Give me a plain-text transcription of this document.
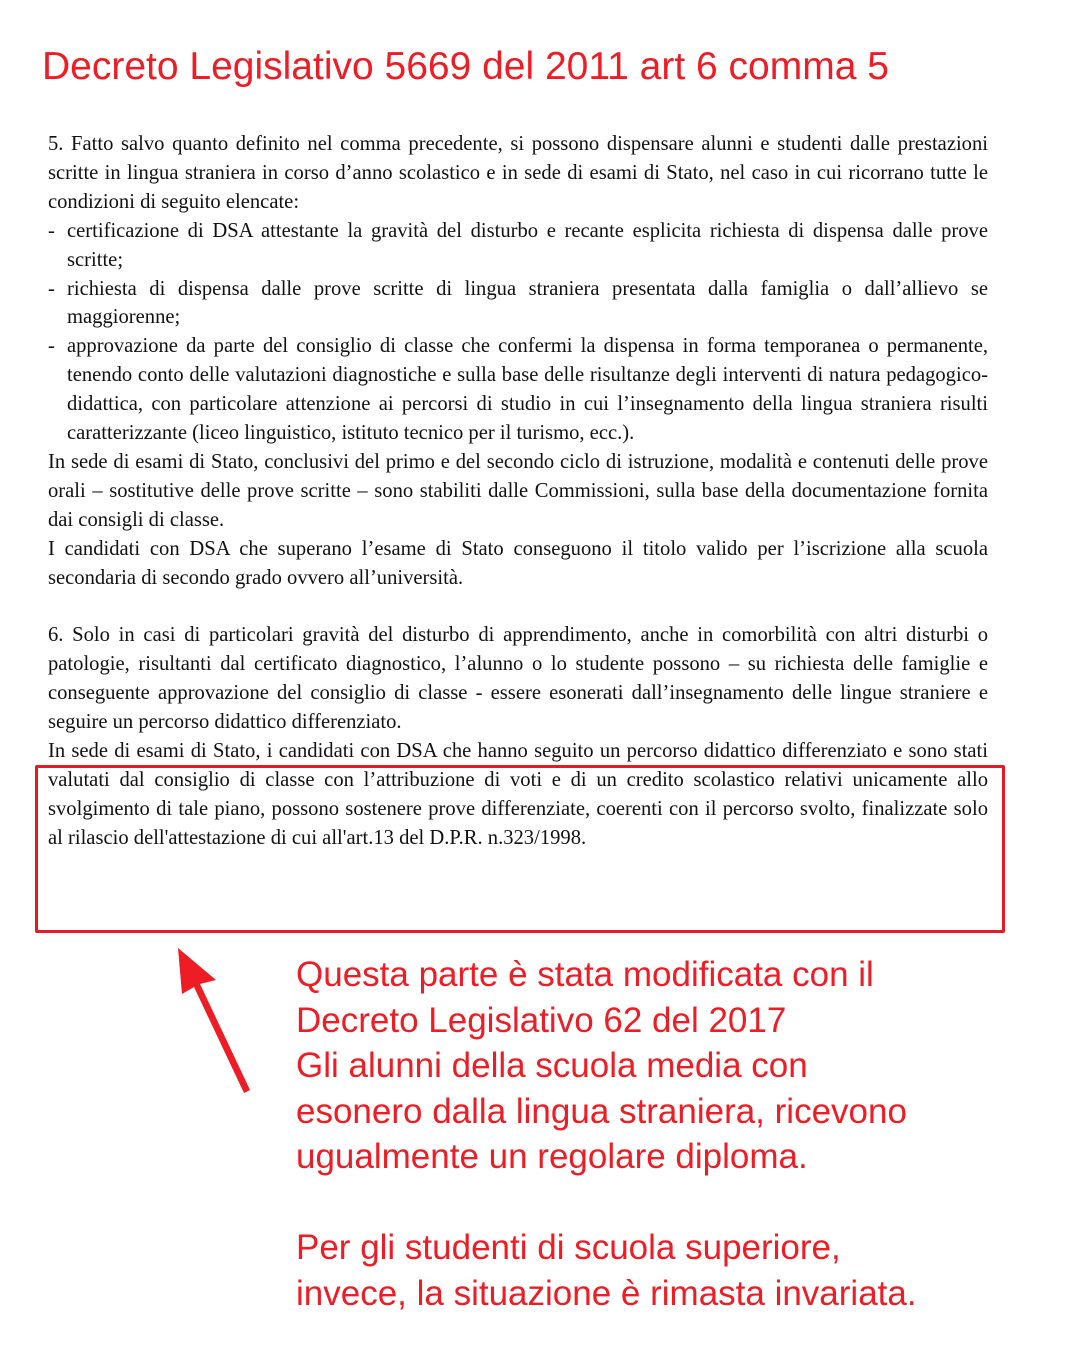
Decreto Legislativo 5669 del 2011 art 6 comma 5

5. Fatto salvo quanto definito nel comma precedente, si possono dispensare alunni e studenti dalle prestazioni scritte in lingua straniera in corso d’anno scolastico e in sede di esami di Stato, nel caso in cui ricorrano tutte le condizioni di seguito elencate:

- certificazione di DSA attestante la gravità del disturbo e recante esplicita richiesta di dispensa dalle prove scritte;

- richiesta di dispensa dalle prove scritte di lingua straniera presentata dalla famiglia o dall’allievo se maggiorenne;

- approvazione da parte del consiglio di classe che confermi la dispensa in forma temporanea o permanente, tenendo conto delle valutazioni diagnostiche e sulla base delle risultanze degli interventi di natura pedagogico-didattica, con particolare attenzione ai percorsi di studio in cui l’insegnamento della lingua straniera risulti caratterizzante (liceo linguistico, istituto tecnico per il turismo, ecc.).

In sede di esami di Stato, conclusivi del primo e del secondo ciclo di istruzione, modalità e contenuti delle prove orali – sostitutive delle prove scritte – sono stabiliti dalle Commissioni, sulla base della documentazione fornita dai consigli di classe.

I candidati con DSA che superano l’esame di Stato conseguono il titolo valido per l’iscrizione alla scuola secondaria di secondo grado ovvero all’università.

6. Solo in casi di particolari gravità del disturbo di apprendimento, anche in comorbilità con altri disturbi o patologie, risultanti dal certificato diagnostico, l’alunno o lo studente possono – su richiesta delle famiglie e conseguente approvazione del consiglio di classe - essere esonerati dall’insegnamento delle lingue straniere e seguire un percorso didattico differenziato.

In sede di esami di Stato, i candidati con DSA che hanno seguito un percorso didattico differenziato e sono stati valutati dal consiglio di classe con l’attribuzione di voti e di un credito scolastico relativi unicamente allo svolgimento di tale piano, possono sostenere prove differenziate, coerenti con il percorso svolto, finalizzate solo al rilascio dell'attestazione di cui all'art.13 del D.P.R. n.323/1998.

Questa parte è stata modificata con il

Decreto Legislativo 62 del 2017

Gli alunni della scuola media con

esonero dalla lingua straniera, ricevono

ugualmente un regolare diploma.

Per gli studenti di scuola superiore,

invece, la situazione è rimasta invariata.
